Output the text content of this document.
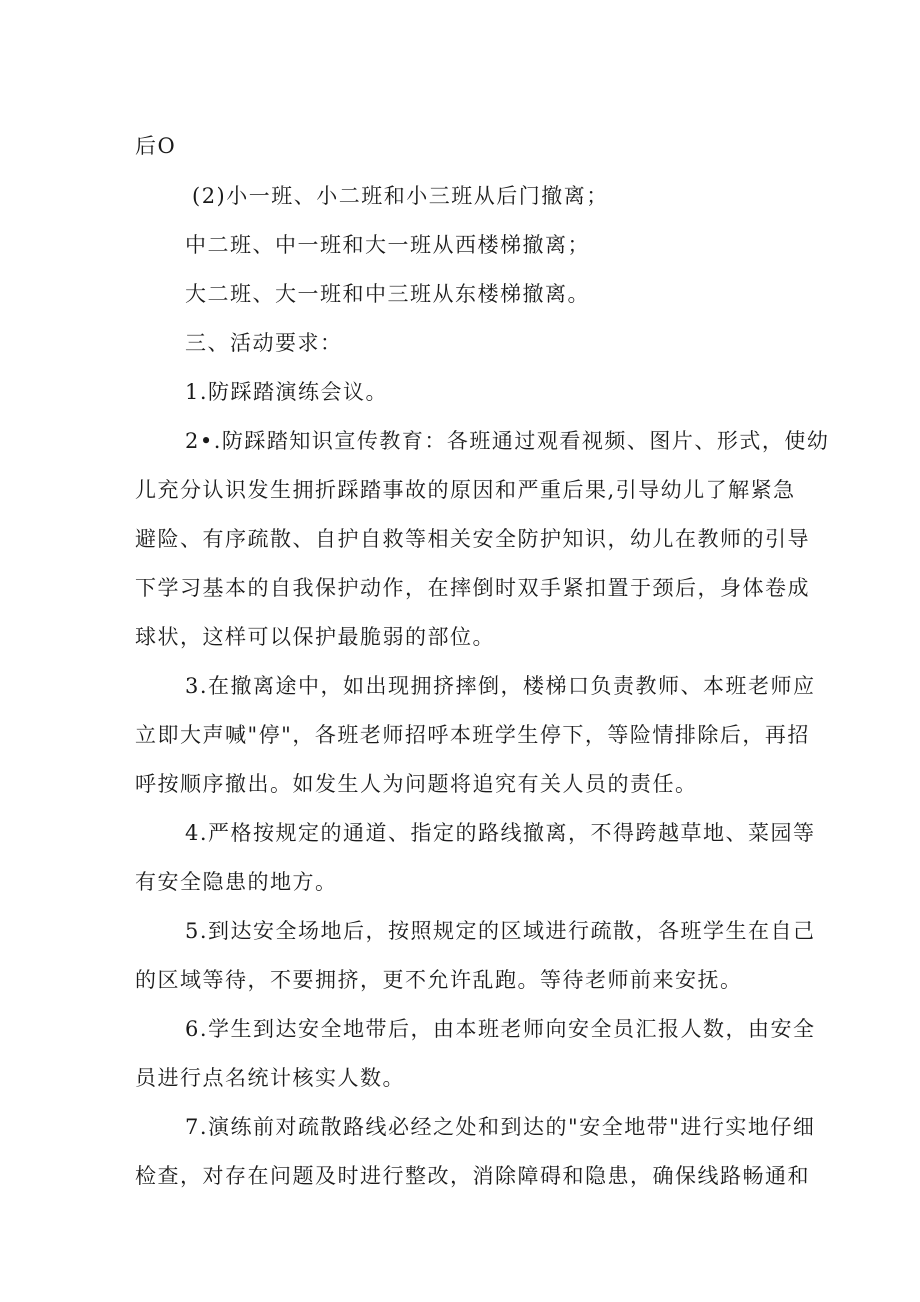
后O
(2)小一班、小二班和小三班从后门撤离；
中二班、中一班和大一班从西楼梯撤离；
大二班、大一班和中三班从东楼梯撤离。
三、活动要求：
1.防踩踏演练会议。
2•.防踩踏知识宣传教育：各班通过观看视频、图片、形式，使幼
儿充分认识发生拥折踩踏事故的原因和严重后果,引导幼儿了解紧急
避险、有序疏散、自护自救等相关安全防护知识，幼儿在教师的引导
下学习基本的自我保护动作，在摔倒时双手紧扣置于颈后，身体卷成
球状，这样可以保护最脆弱的部位。
3.在撤离途中，如出现拥挤摔倒，楼梯口负责教师、本班老师应
立即大声喊"停"，各班老师招呼本班学生停下，等险情排除后，再招
呼按顺序撤出。如发生人为问题将追究有关人员的责任。
4.严格按规定的通道、指定的路线撤离，不得跨越草地、菜园等
有安全隐患的地方。
5.到达安全场地后，按照规定的区域进行疏散，各班学生在自己
的区域等待，不要拥挤，更不允许乱跑。等待老师前来安抚。
6.学生到达安全地带后，由本班老师向安全员汇报人数，由安全
员进行点名统计核实人数。
7.演练前对疏散路线必经之处和到达的"安全地带"进行实地仔细
检查，对存在问题及时进行整改，消除障碍和隐患，确保线路畅通和
